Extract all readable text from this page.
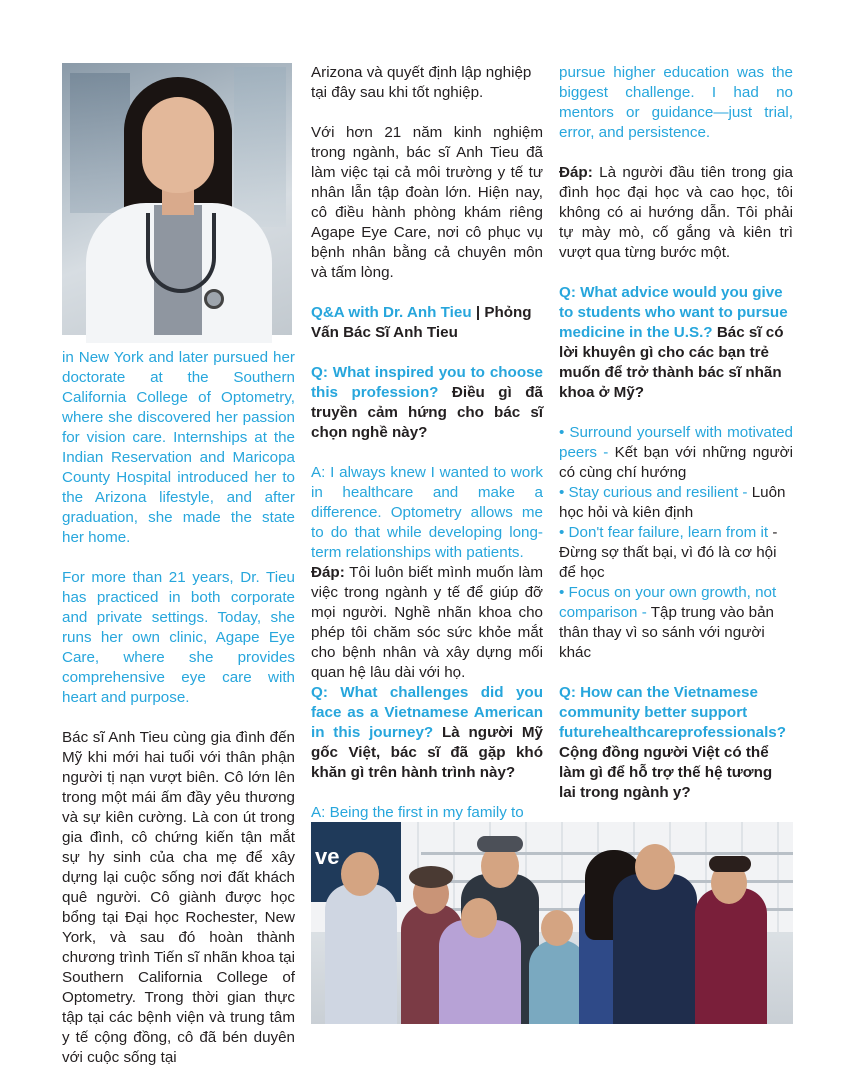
in New York and later pursued her doctorate at the Southern California College of Optometry, where she discovered her passion for vision care. Internships at the Indian Reservation and Maricopa County Hospital introduced her to the Arizona lifestyle, and after graduation, she made the state her home.

For more than 21 years, Dr. Tieu has practiced in both corporate and private settings. Today, she runs her own clinic, Agape Eye Care, where she provides comprehensive eye care with heart and purpose.

Bác sĩ Anh Tieu cùng gia đình đến Mỹ khi mới hai tuổi với thân phận người tị nạn vượt biên. Cô lớn lên trong một mái ấm đầy yêu thương và sự kiên cường. Là con út trong gia đình, cô chứng kiến tận mắt sự hy sinh của cha mẹ để xây dựng lại cuộc sống nơi đất khách quê người. Cô giành được học bổng tại Đại học Rochester, New York, và sau đó hoàn thành chương trình Tiến sĩ nhãn khoa tại Southern California College of Optometry. Trong thời gian thực tập tại các bệnh viện và trung tâm y tế cộng đồng, cô đã bén duyên với cuộc sống tại

Arizona và quyết định lập nghiệp tại đây sau khi tốt nghiệp.

Với hơn 21 năm kinh nghiệm trong ngành, bác sĩ Anh Tieu đã làm việc tại cả môi trường y tế tư nhân lẫn tập đoàn lớn. Hiện nay, cô điều hành phòng khám riêng Agape Eye Care, nơi cô phục vụ bệnh nhân bằng cả chuyên môn và tấm lòng.

Q&A with Dr. Anh Tieu | Phỏng Vấn Bác Sĩ Anh Tieu

Q: What inspired you to choose this profession? Điều gì đã truyền cảm hứng cho bác sĩ chọn nghề này?

A: I always knew I wanted to work in healthcare and make a difference. Optometry allows me to do that while developing long-term relationships with patients.

Đáp: Tôi luôn biết mình muốn làm việc trong ngành y tế để giúp đỡ mọi người. Nghề nhãn khoa cho phép tôi chăm sóc sức khỏe mắt cho bệnh nhân và xây dựng mối quan hệ lâu dài với họ.

Q: What challenges did you face as a Vietnamese American in this journey? Là người Mỹ gốc Việt, bác sĩ đã gặp khó khăn gì trên hành trình này?

A: Being the first in my family to

pursue higher education was the biggest challenge. I had no mentors or guidance—just trial, error, and persistence.

Đáp: Là người đầu tiên trong gia đình học đại học và cao học, tôi không có ai hướng dẫn. Tôi phải tự mày mò, cố gắng và kiên trì vượt qua từng bước một.

Q: What advice would you give to students who want to pursue medicine in the U.S.? Bác sĩ có lời khuyên gì cho các bạn trẻ muốn để trở thành bác sĩ nhãn khoa ở Mỹ?

• Surround yourself with motivated peers - Kết bạn với những người có cùng chí hướng

• Stay curious and resilient - Luôn học hỏi và kiên định

• Don't fear failure, learn from it - Đừng sợ thất bại, vì đó là cơ hội để học

• Focus on your own growth, not comparison - Tập trung vào bản thân thay vì so sánh với người khác

Q: How can the Vietnamese community better support futurehealthcareprofessionals? Cộng đồng người Việt có thể làm gì để hỗ trợ thế hệ tương lai trong ngành y?

ve
